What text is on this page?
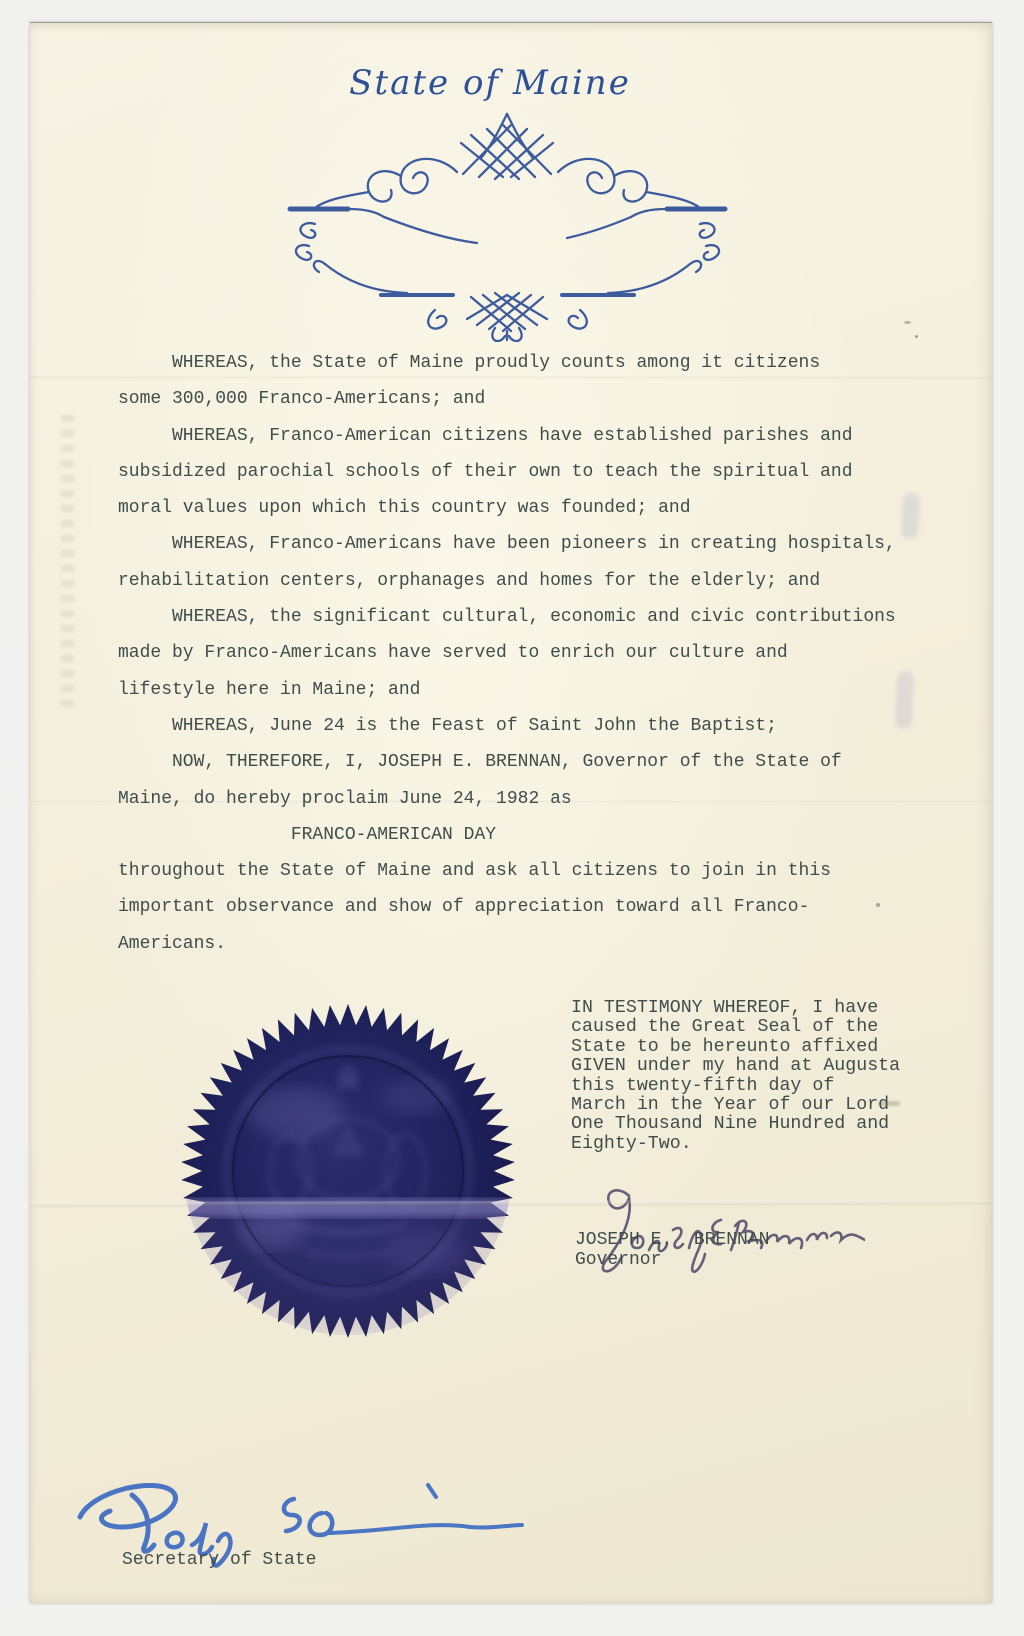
State of Maine
WHEREAS, the State of Maine proudly counts among it citizens
some 300,000 Franco-Americans; and
WHEREAS, Franco-American citizens have established parishes and
subsidized parochial schools of their own to teach the spiritual and
moral values upon which this country was founded; and
WHEREAS, Franco-Americans have been pioneers in creating hospitals,
rehabilitation centers, orphanages and homes for the elderly; and
WHEREAS, the significant cultural, economic and civic contributions
made by Franco-Americans have served to enrich our culture and
lifestyle here in Maine; and
WHEREAS, June 24 is the Feast of Saint John the Baptist;
NOW, THEREFORE, I, JOSEPH E. BRENNAN, Governor of the State of
Maine, do hereby proclaim June 24, 1982 as
FRANCO-AMERICAN DAY
throughout the State of Maine and ask all citizens to join in this
important observance and show of appreciation toward all Franco-
Americans.
IN TESTIMONY WHEREOF, I have
caused the Great Seal of the
State to be hereunto affixed
GIVEN under my hand at Augusta
this twenty-fifth day of
March in the Year of our Lord
One Thousand Nine Hundred and
Eighty-Two.
JOSEPH E.  BRENNAN
Governor
Secretary of State
